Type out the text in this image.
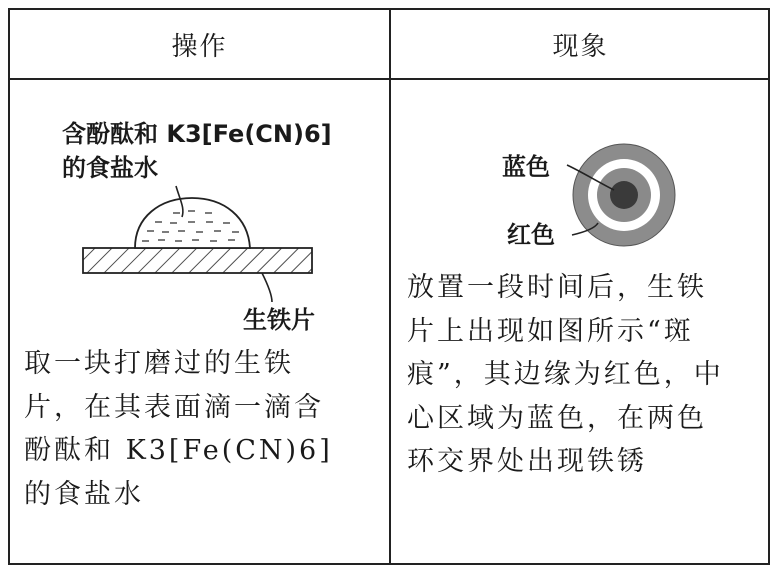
操作	现象
含酚酞和 K3[Fe(CN)6]
的食盐水
生铁片
蓝色
红色
取一块打磨过的生铁
片，在其表面滴一滴含
酚酞和 K3[Fe(CN)6]
的食盐水
放置一段时间后，生铁
片上出现如图所示“斑
痕”，其边缘为红色，中
心区域为蓝色，在两色
环交界处出现铁锈
